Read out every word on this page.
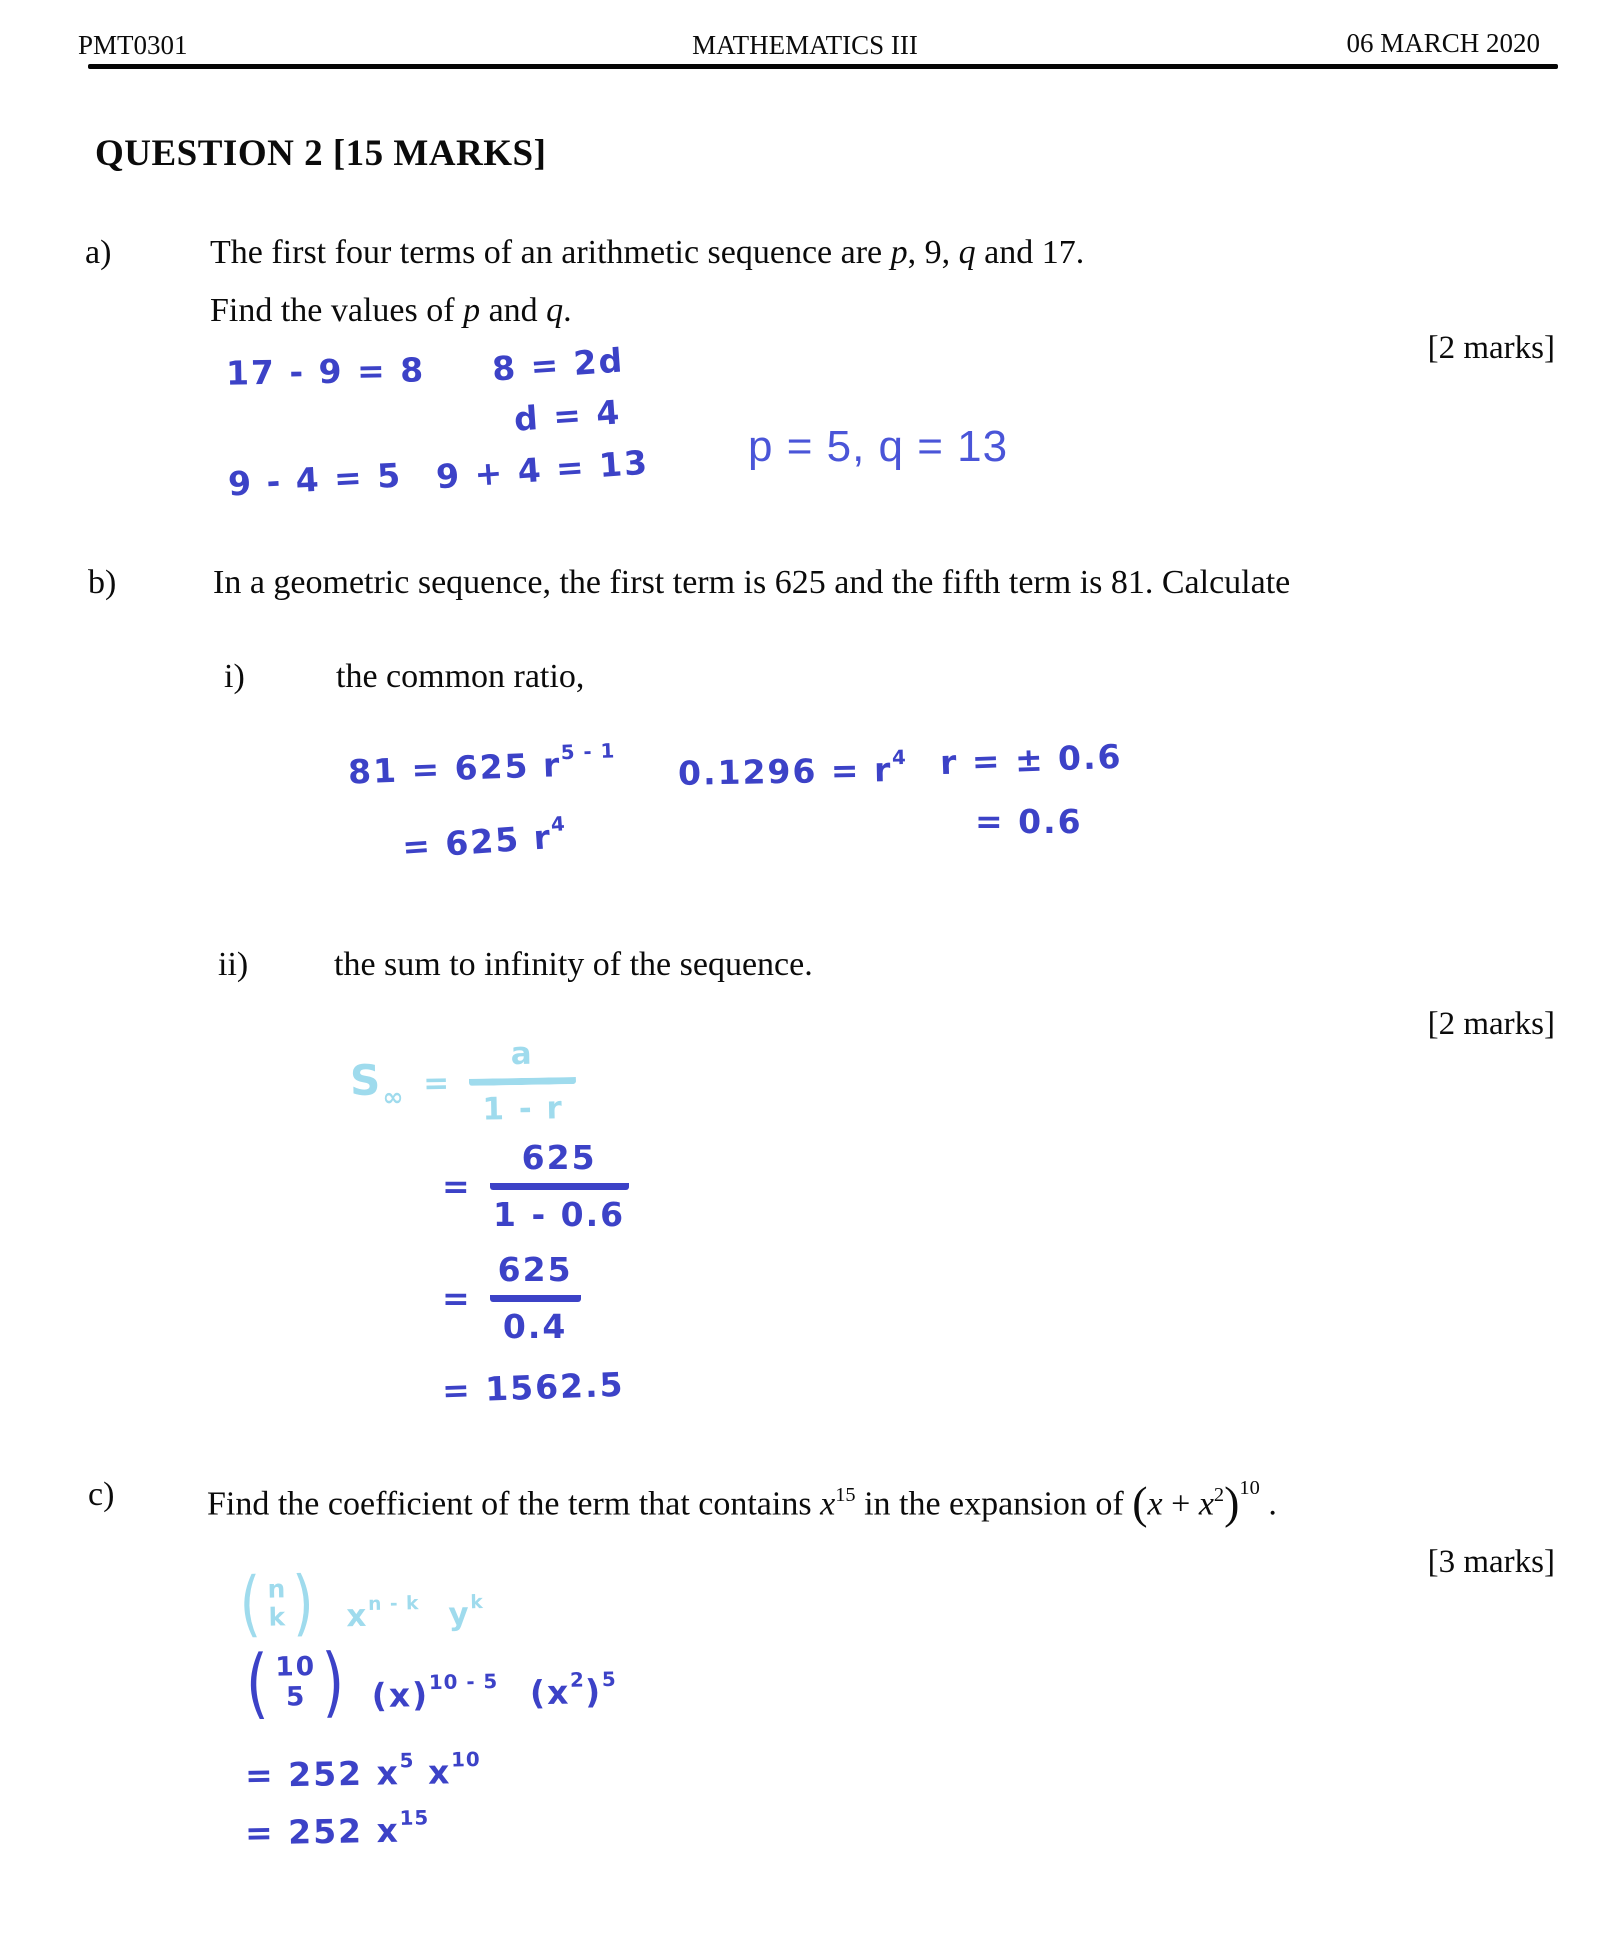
PMT0301	MATHEMATICS III	06 MARCH 2020
QUESTION 2 [15 MARKS]
a)	The first four terms of an arithmetic sequence are p, 9, q and 17.
Find the values of p and q.
[2 marks]
17 - 9 = 8 8 = 2d
d = 4
p = 5, q = 13
9 - 4 = 5 9 + 4 = 13
b)	In a geometric sequence, the first term is 625 and the fifth term is 81. Calculate
i)	the common ratio,
81 = 625 $r^{5 - 1}$
= 625 $r^4$
$0.1296 = r^4$ r = ± 0.6
= 0.6
ii)	the sum to infinity of the sequence.
[2 marks]
$S_\infty = \frac{a}{1 - r}$
= $\frac{625}{1 - 0.6}$
= $\frac{625}{0.4}$
= 1562.5
c)	Find the coefficient of the term that contains $x^{15}$ in the expansion of $(x + x^2)^{10}$ .
[3 marks]
( n
k ) $x^{n - k}$ $y^k$
( 10
5 ) $(x)^{10 - 5}$ $(x^2)^5$
= 252 $x^5$ $x^{10}$
= 252 $x^{15}$
